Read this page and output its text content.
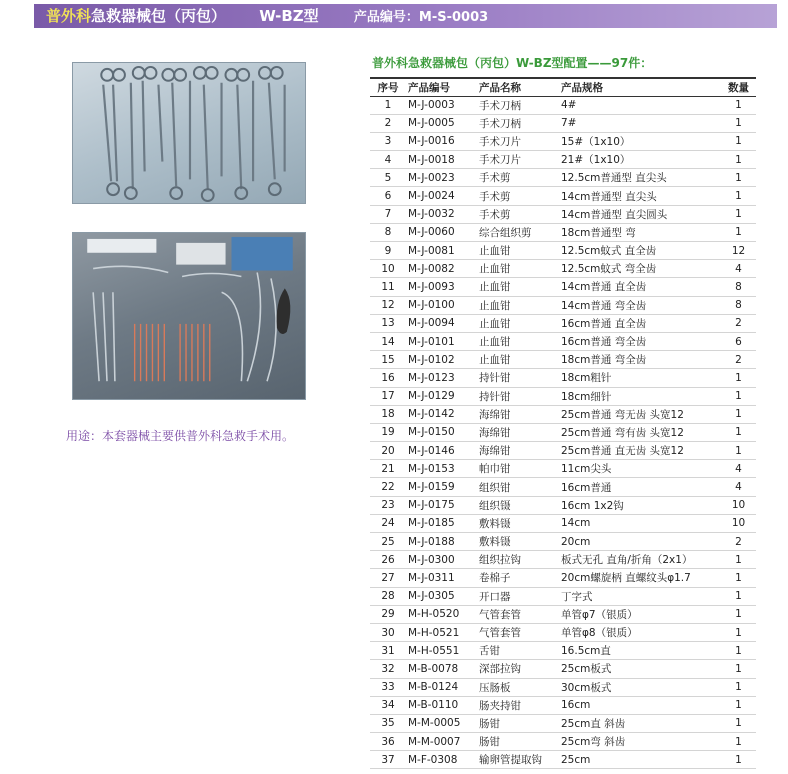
普外科急救器械包（丙包） W-BZ型	产品编号：M-S-0003
用途：本套器械主要供普外科急救手术用。
普外科急救器械包（丙包）W-BZ型配置——97件：
序号	产品编号	产品名称	产品规格	数量
1	M-J-0003	手术刀柄	4#	1
2	M-J-0005	手术刀柄	7#	1
3	M-J-0016	手术刀片	15#（1x10）	1
4	M-J-0018	手术刀片	21#（1x10）	1
5	M-J-0023	手术剪	12.5cm普通型 直尖头	1
6	M-J-0024	手术剪	14cm普通型 直尖头	1
7	M-J-0032	手术剪	14cm普通型 直尖圆头	1
8	M-J-0060	综合组织剪	18cm普通型 弯	1
9	M-J-0081	止血钳	12.5cm蚊式 直全齿	12
10	M-J-0082	止血钳	12.5cm蚊式 弯全齿	4
11	M-J-0093	止血钳	14cm普通 直全齿	8
12	M-J-0100	止血钳	14cm普通 弯全齿	8
13	M-J-0094	止血钳	16cm普通 直全齿	2
14	M-J-0101	止血钳	16cm普通 弯全齿	6
15	M-J-0102	止血钳	18cm普通 弯全齿	2
16	M-J-0123	持针钳	18cm粗针	1
17	M-J-0129	持针钳	18cm细针	1
18	M-J-0142	海绵钳	25cm普通 弯无齿 头宽12	1
19	M-J-0150	海绵钳	25cm普通 弯有齿 头宽12	1
20	M-J-0146	海绵钳	25cm普通 直无齿 头宽12	1
21	M-J-0153	帕巾钳	11cm尖头	4
22	M-J-0159	组织钳	16cm普通	4
23	M-J-0175	组织镊	16cm 1x2钩	10
24	M-J-0185	敷料镊	14cm	10
25	M-J-0188	敷料镊	20cm	2
26	M-J-0300	组织拉钩	板式无孔 直角/折角（2x1）	1
27	M-J-0311	卷棉子	20cm螺旋柄 直螺纹头φ1.7	1
28	M-J-0305	开口器	丁字式	1
29	M-H-0520	气管套管	单管φ7（银质）	1
30	M-H-0521	气管套管	单管φ8（银质）	1
31	M-H-0551	舌钳	16.5cm直	1
32	M-B-0078	深部拉钩	25cm板式	1
33	M-B-0124	压肠板	30cm板式	1
34	M-B-0110	肠夹持钳	16cm	1
35	M-M-0005	肠钳	25cm直 斜齿	1
36	M-M-0007	肠钳	25cm弯 斜齿	1
37	M-F-0308	输卵管提取钩	25cm	1
